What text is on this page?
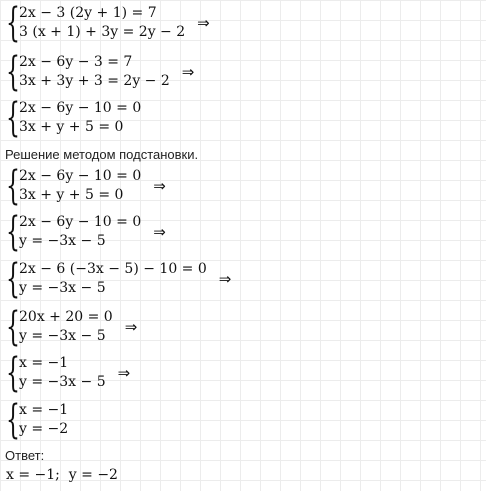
{ 2x − 3 (2y + 1) = 7
3 (x + 1) + 3y = 2y − 2 ⇒
{ 2x − 6y − 3 = 7
3x + 3y + 3 = 2y − 2 ⇒
{ 2x − 6y − 10 = 0
3x + y + 5 = 0
Решение методом подстановки.
{ 2x − 6y − 10 = 0
3x + y + 5 = 0	⇒
{ 2x − 6y − 10 = 0
y = −3x − 5	⇒
{ 2x − 6 (−3x − 5) − 10 = 0
y = −3x − 5	⇒
{ 20x + 20 = 0
y = −3x − 5	⇒
{ x = −1
y = −3x − 5 ⇒
{ x = −1
y = −2
Ответ:
x = −1;  y = −2
